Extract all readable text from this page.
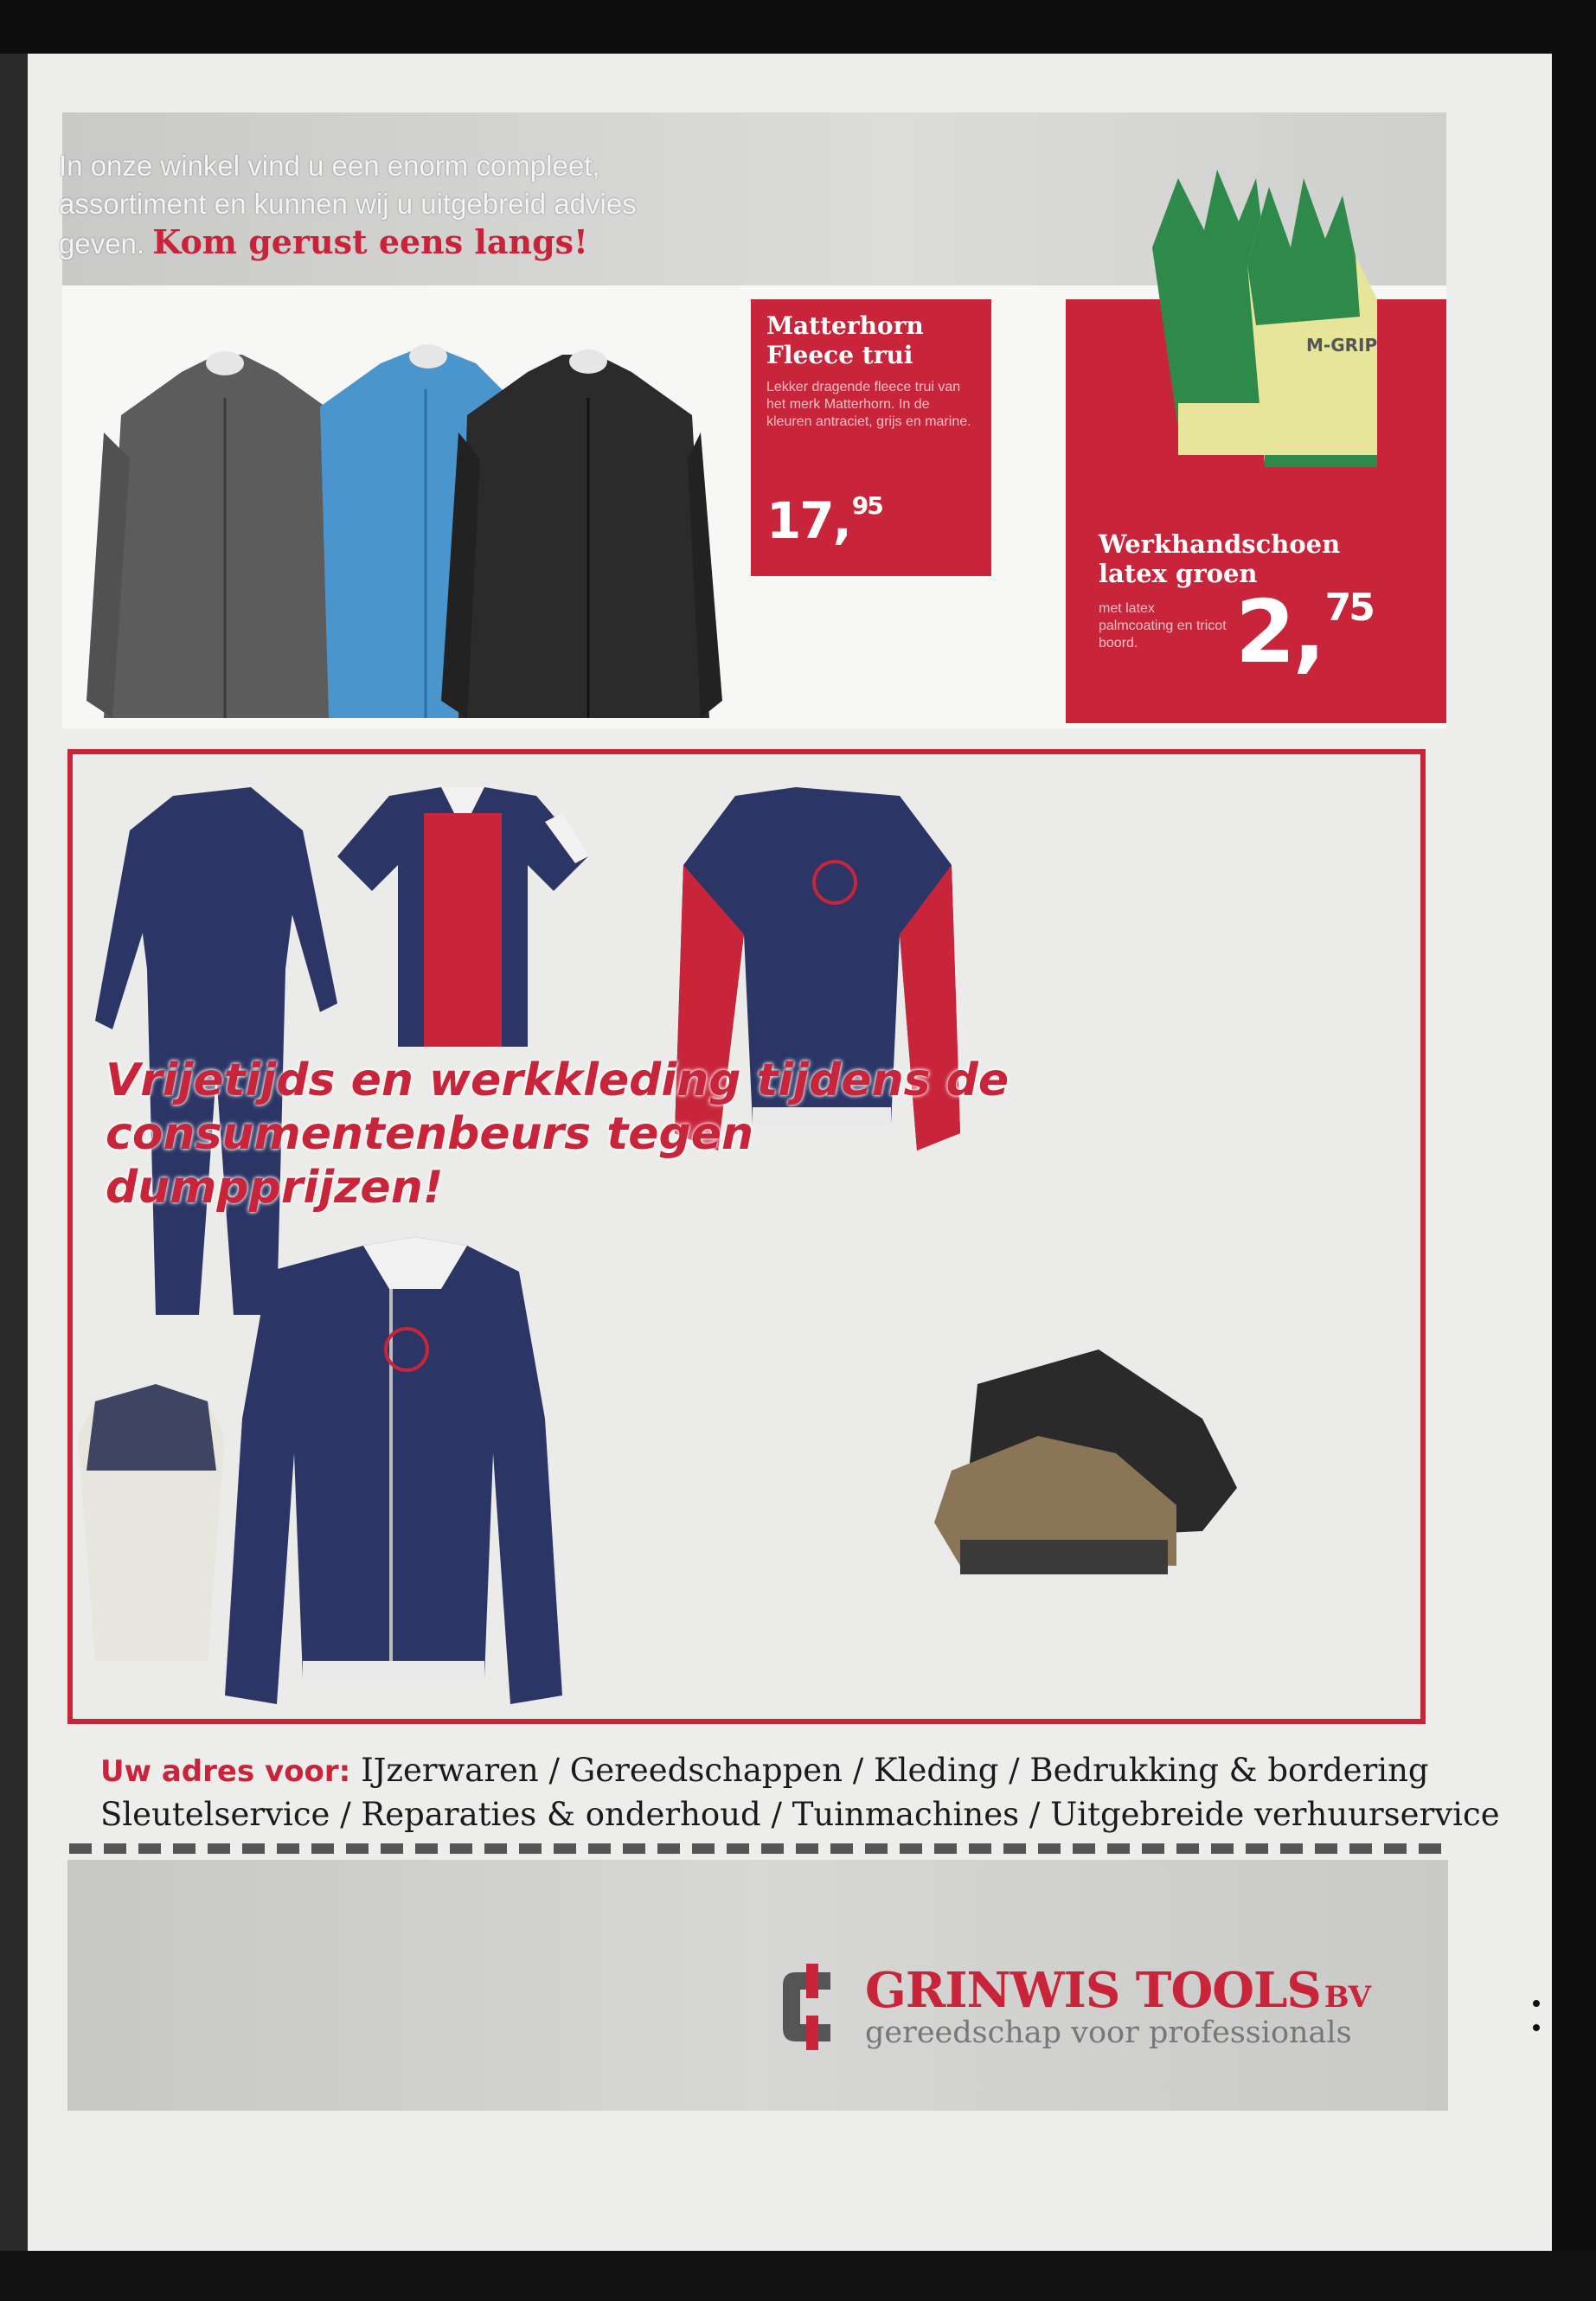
In onze winkel vind u een enorm compleet,
assortiment en kunnen wij u uitgebreid advies
geven. Kom gerust eens langs!
Matterhorn
Fleece trui
Lekker dragende fleece trui van het merk Matterhorn. In de kleuren antraciet, grijs en marine.
17,95
M-GRIP
Werkhandschoen
latex groen
met latex palmcoating en tricot boord.	2,75
Vrijetijds en werkkleding tijdens de
consumentenbeurs tegen dumpprijzen!
Uw adres voor: IJzerwaren / Gereedschappen / Kleding / Bedrukking & bordering
Sleutelservice / Reparaties & onderhoud / Tuinmachines / Uitgebreide verhuurservice
GRINWIS TOOLS BV
gereedschap voor professionals
